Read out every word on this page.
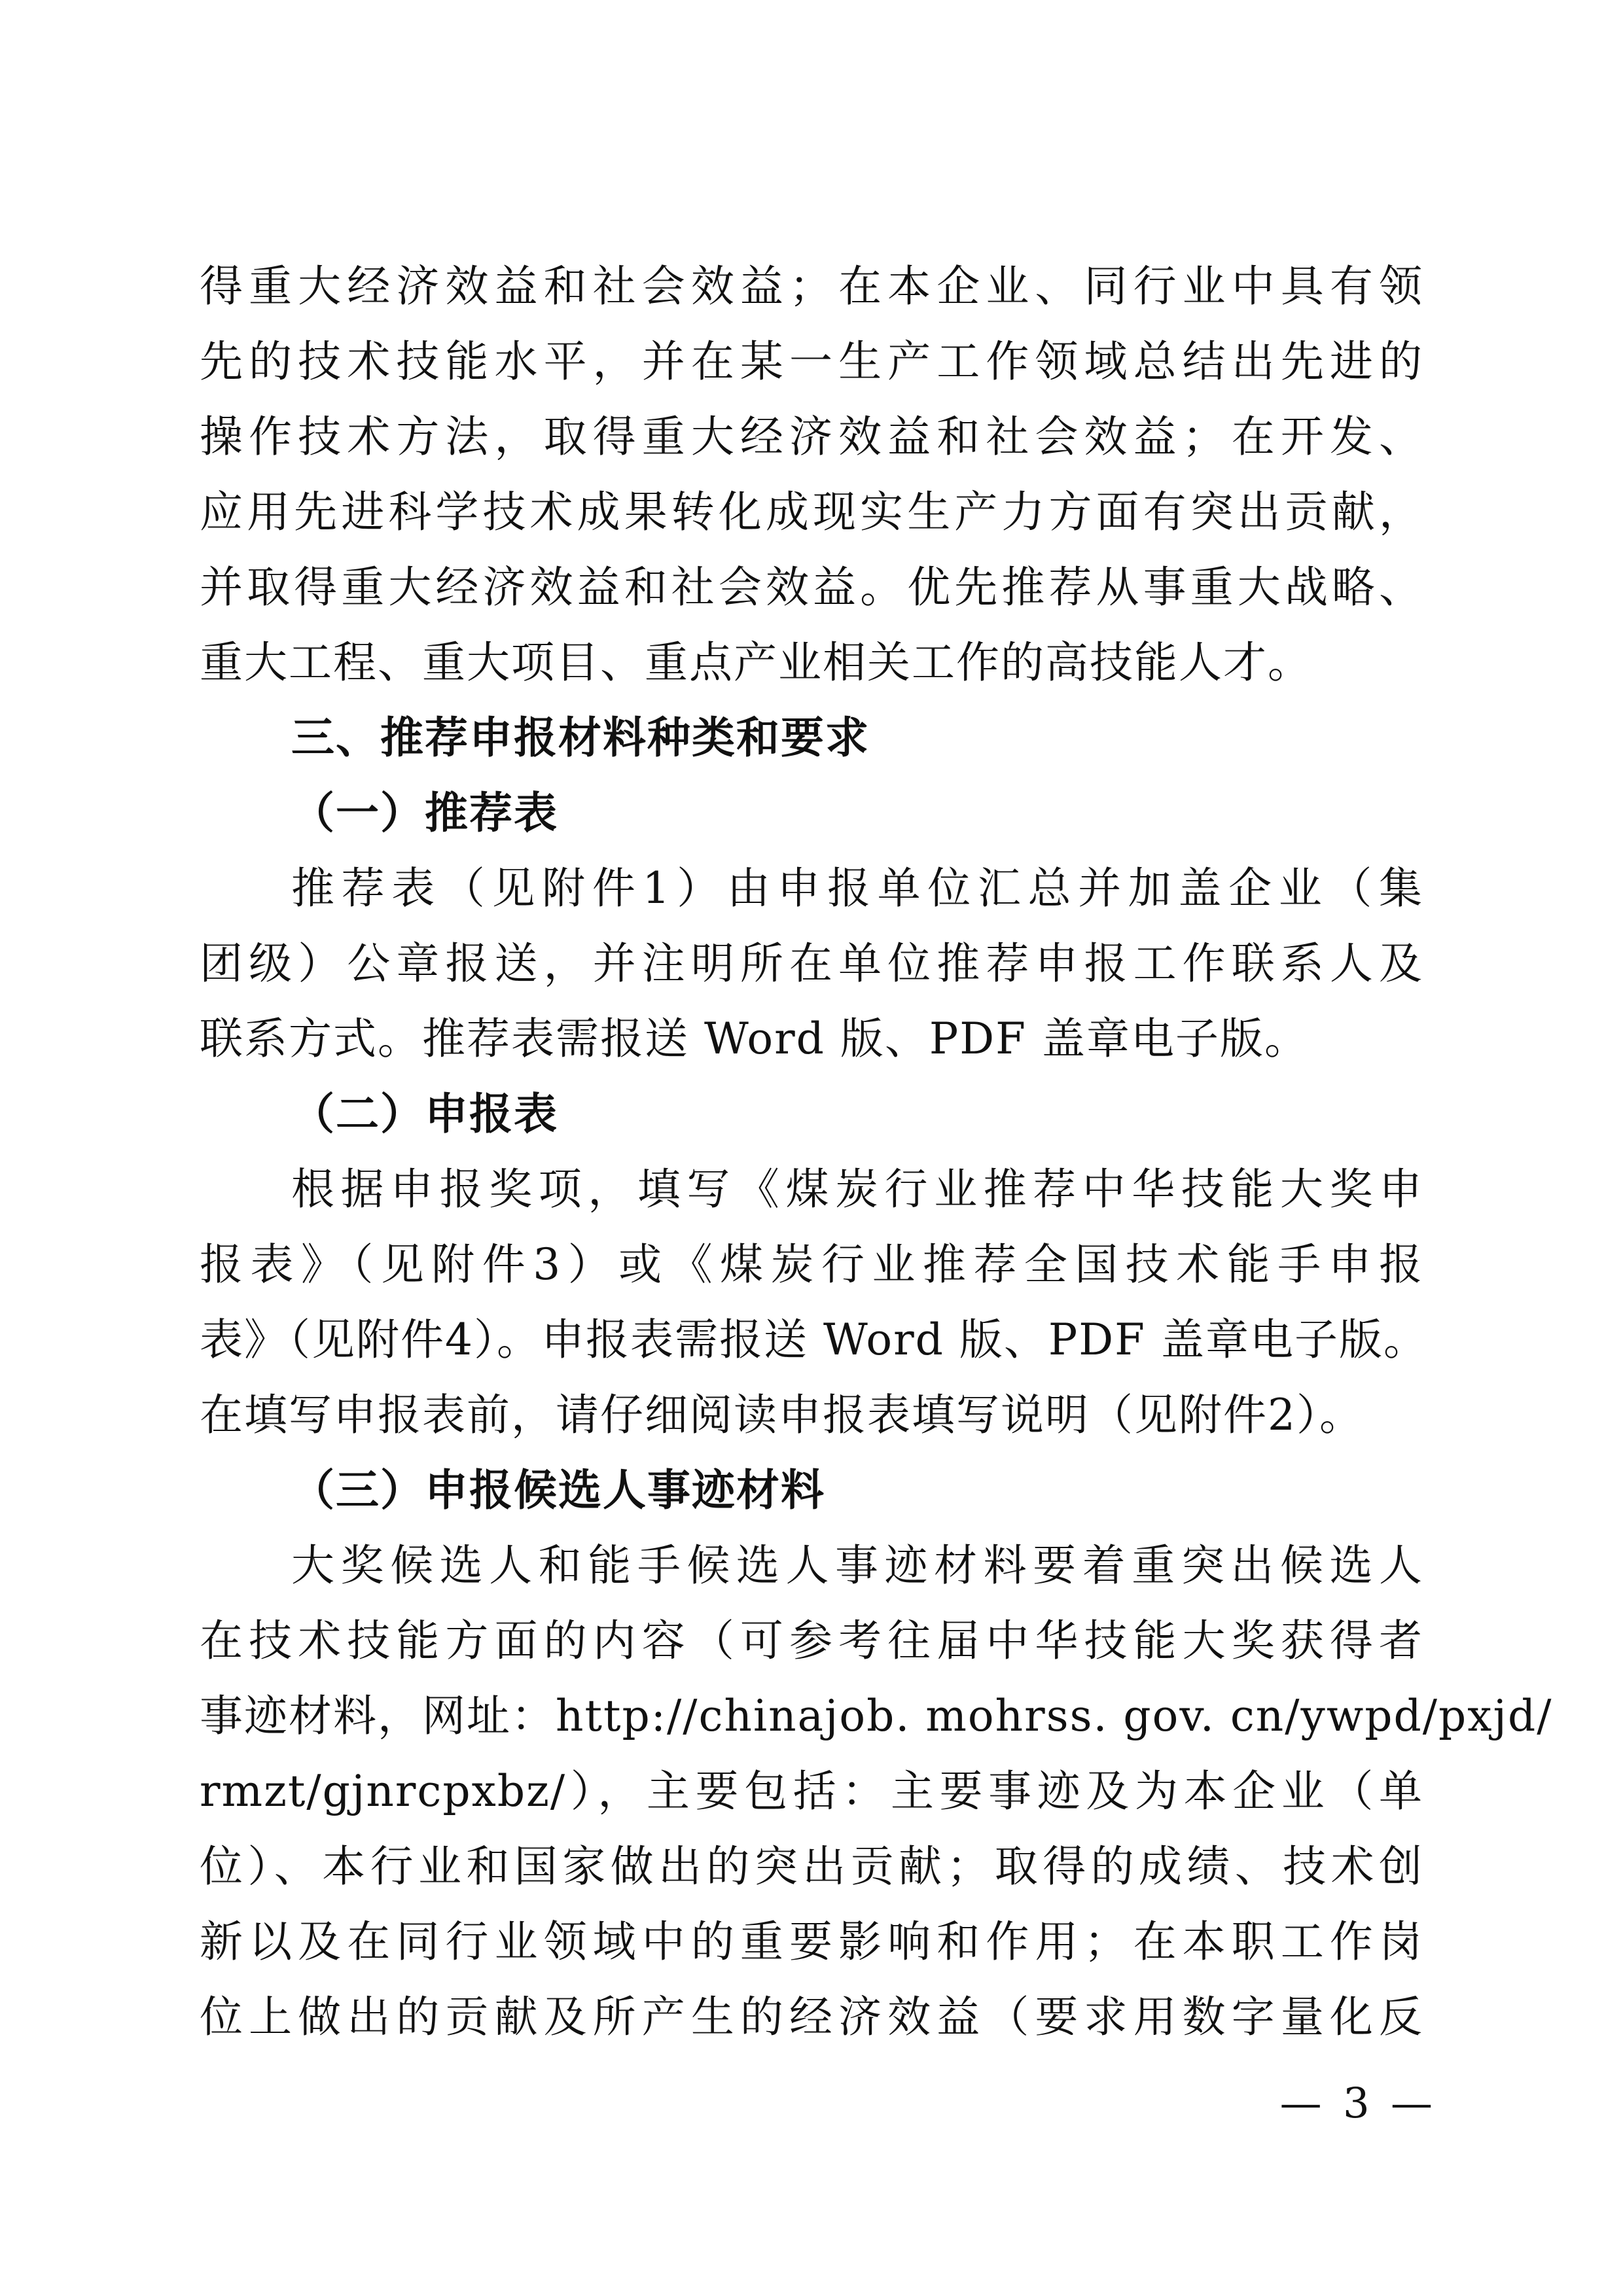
得重大经济效益和社会效益；在本企业、同行业中具有领
先的技术技能水平，并在某一生产工作领域总结出先进的
操作技术方法，取得重大经济效益和社会效益；在开发、
应用先进科学技术成果转化成现实生产力方面有突出贡献，
并取得重大经济效益和社会效益。优先推荐从事重大战略、
重大工程、重大项目、重点产业相关工作的高技能人才。
三、推荐申报材料种类和要求
（一）推荐表
推荐表（见附件1）由申报单位汇总并加盖企业（集
团级）公章报送，并注明所在单位推荐申报工作联系人及
联系方式。推荐表需报送 Word 版、PDF 盖章电子版。
（二）申报表
根据申报奖项，填写《煤炭行业推荐中华技能大奖申
报表》（见附件3）或《煤炭行业推荐全国技术能手申报
表》（见附件4）。申报表需报送 Word 版、PDF 盖章电子版。
在填写申报表前，请仔细阅读申报表填写说明（见附件2）。
（三）申报候选人事迹材料
大奖候选人和能手候选人事迹材料要着重突出候选人
在技术技能方面的内容（可参考往届中华技能大奖获得者
事迹材料，网址：http://chinajob. mohrss. gov. cn/ywpd/pxjd/
rmzt/gjnrcpxbz/），主要包括：主要事迹及为本企业（单
位）、本行业和国家做出的突出贡献；取得的成绩、技术创
新以及在同行业领域中的重要影响和作用；在本职工作岗
位上做出的贡献及所产生的经济效益（要求用数字量化反
— 3 —
